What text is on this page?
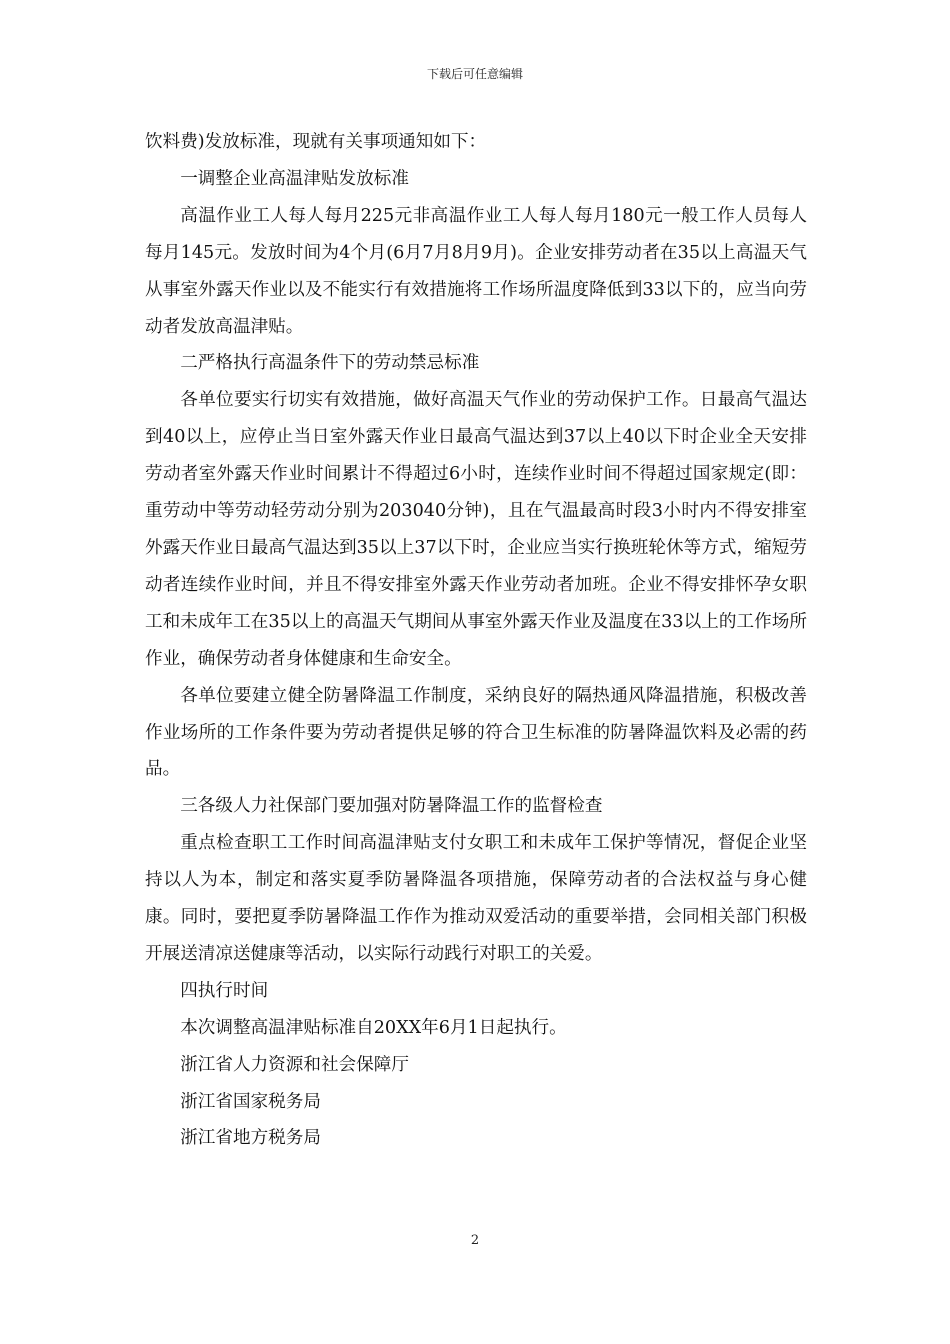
下载后可任意编辑

饮料费)发放标准，现就有关事项通知如下：

一调整企业高温津贴发放标准

高温作业工人每人每月225元非高温作业工人每人每月180元一般工作人员每人每月145元。发放时间为4个月(6月7月8月9月)。企业安排劳动者在35以上高温天气从事室外露天作业以及不能实行有效措施将工作场所温度降低到33以下的，应当向劳动者发放高温津贴。

二严格执行高温条件下的劳动禁忌标准

各单位要实行切实有效措施，做好高温天气作业的劳动保护工作。日最高气温达到40以上，应停止当日室外露天作业日最高气温达到37以上40以下时企业全天安排劳动者室外露天作业时间累计不得超过6小时，连续作业时间不得超过国家规定(即：重劳动中等劳动轻劳动分别为203040分钟)，且在气温最高时段3小时内不得安排室外露天作业日最高气温达到35以上37以下时，企业应当实行换班轮休等方式，缩短劳动者连续作业时间，并且不得安排室外露天作业劳动者加班。企业不得安排怀孕女职工和未成年工在35以上的高温天气期间从事室外露天作业及温度在33以上的工作场所作业，确保劳动者身体健康和生命安全。

各单位要建立健全防暑降温工作制度，采纳良好的隔热通风降温措施，积极改善作业场所的工作条件要为劳动者提供足够的符合卫生标准的防暑降温饮料及必需的药品。

三各级人力社保部门要加强对防暑降温工作的监督检查

重点检查职工工作时间高温津贴支付女职工和未成年工保护等情况，督促企业坚持以人为本，制定和落实夏季防暑降温各项措施，保障劳动者的合法权益与身心健康。同时，要把夏季防暑降温工作作为推动双爱活动的重要举措，会同相关部门积极开展送清凉送健康等活动，以实际行动践行对职工的关爱。

四执行时间

本次调整高温津贴标准自20XX年6月1日起执行。

浙江省人力资源和社会保障厅

浙江省国家税务局

浙江省地方税务局

2
